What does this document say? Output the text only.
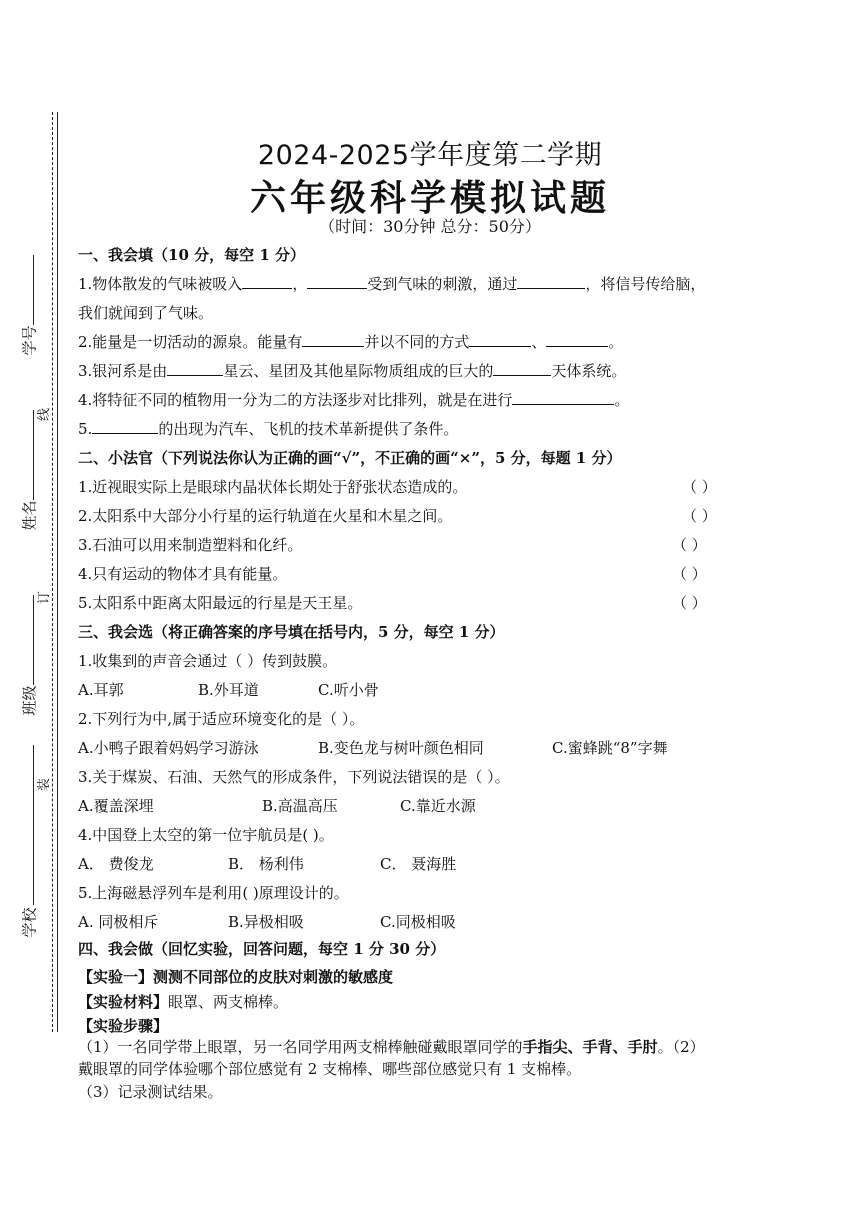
学号
线
姓名
订
班级
装
学校
2024-2025学年度第二学期
六年级科学模拟试题
（时间：30分钟 总分：50分）
一、我会填（10 分，每空 1 分）
1.物体散发的气味被吸入	，	受到气味的刺激，通过	，将信号传给脑，
我们就闻到了气味。
2.能量是一切活动的源泉。能量有	并以不同的方式	、	。
3.银河系是由	星云、星团及其他星际物质组成的巨大的	天体系统。
4.将特征不同的植物用一分为二的方法逐步对比排列，就是在进行	。
5.	的出现为汽车、飞机的技术革新提供了条件。
二、小法官（下列说法你认为正确的画“√”，不正确的画“×”，5 分，每题 1 分）
1.近视眼实际上是眼球内晶状体长期处于舒张状态造成的。	（ ）
2.太阳系中大部分小行星的运行轨道在火星和木星之间。	（ ）
3.石油可以用来制造塑料和化纤。	（ ）
4.只有运动的物体才具有能量。	（ ）
5.太阳系中距离太阳最远的行星是天王星。	（ ）
三、我会选（将正确答案的序号填在括号内，5 分，每空 1 分）
1.收集到的声音会通过（ ）传到鼓膜。
A.耳郭	B.外耳道	C.听小骨
2.下列行为中,属于适应环境变化的是（ ）。
A.小鸭子跟着妈妈学习游泳	B.变色龙与树叶颜色相同	C.蜜蜂跳“8”字舞
3.关于煤炭、石油、天然气的形成条件，下列说法错误的是（ ）。
A.覆盖深埋	B.高温高压	C.靠近水源
4.中国登上太空的第一位宇航员是( )。
A． 费俊龙	B． 杨利伟	C． 聂海胜
5.上海磁悬浮列车是利用( )原理设计的。
A. 同极相斥	B.异极相吸	C.同极相吸
四、我会做（回忆实验，回答问题，每空 1 分 30 分）
【实验一】测测不同部位的皮肤对刺激的敏感度
【实验材料】眼罩、两支棉棒。
【实验步骤】
（1）一名同学带上眼罩，另一名同学用两支棉棒触碰戴眼罩同学的手指尖、手背、手肘。（2）
戴眼罩的同学体验哪个部位感觉有 2 支棉棒、哪些部位感觉只有 1 支棉棒。
（3）记录测试结果。
